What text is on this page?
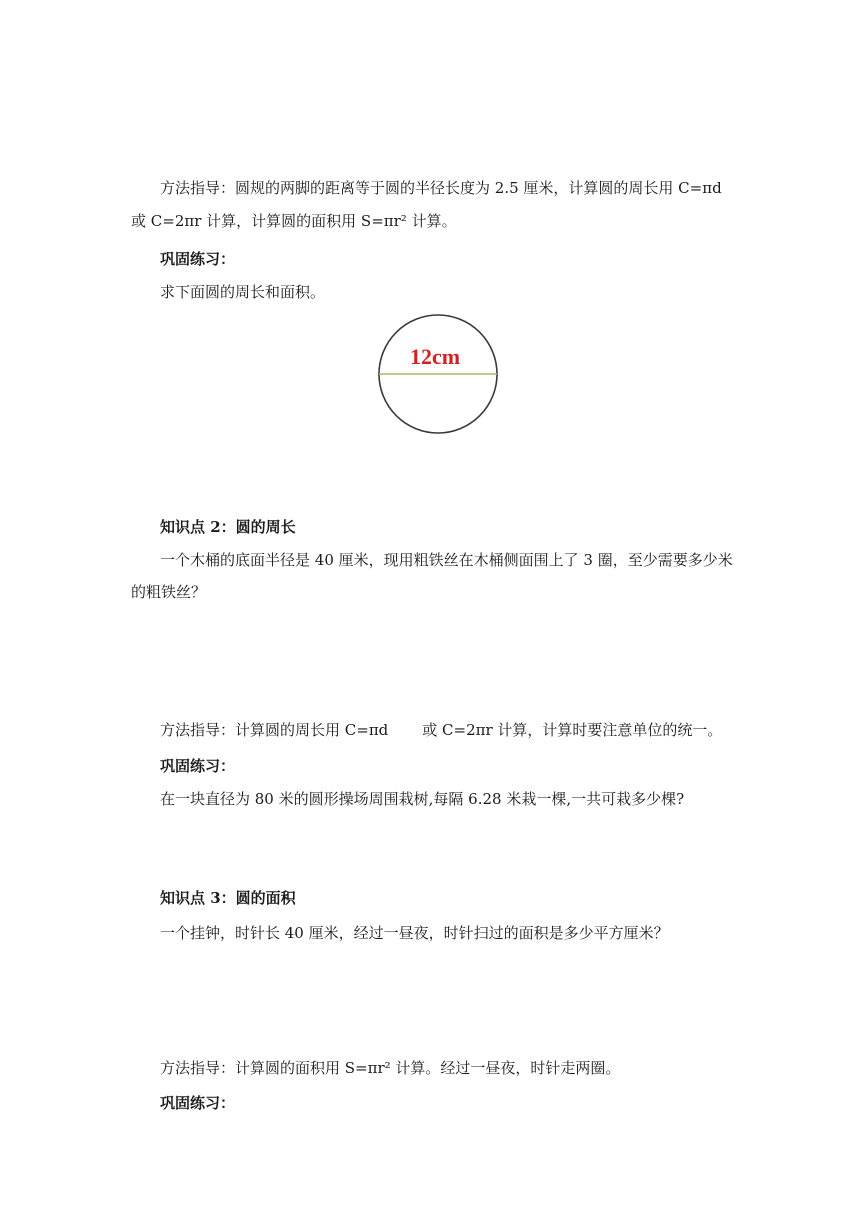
方法指导：圆规的两脚的距离等于圆的半径长度为 2.5 厘米，计算圆的周长用 C=πd

或 C=2πr 计算，计算圆的面积用 S=πr² 计算。

巩固练习：

求下面圆的周长和面积。

12cm

知识点 2：圆的周长

一个木桶的底面半径是 40 厘米，现用粗铁丝在木桶侧面围上了 3 圈，至少需要多少米

的粗铁丝？

方法指导：计算圆的周长用 C=πd 或 C=2πr 计算，计算时要注意单位的统一。

巩固练习：

在一块直径为 80 米的圆形操场周围栽树,每隔 6.28 米栽一棵,一共可栽多少棵?

知识点 3：圆的面积

一个挂钟，时针长 40 厘米，经过一昼夜，时针扫过的面积是多少平方厘米？

方法指导：计算圆的面积用 S=πr² 计算。经过一昼夜，时针走两圈。

巩固练习：
